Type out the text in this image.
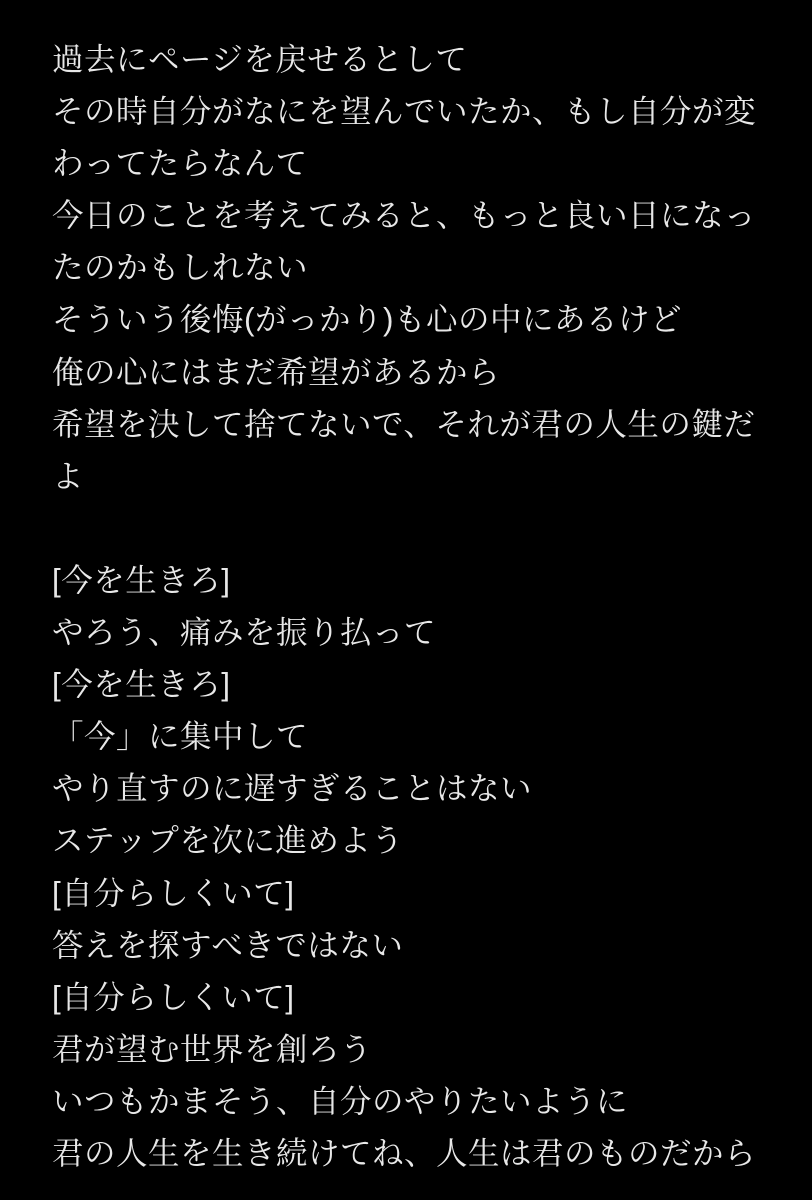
過去にページを戻せるとして
その時自分がなにを望んでいたか、もし自分が変
わってたらなんて
今日のことを考えてみると、もっと良い日になっ
たのかもしれない
そういう後悔(がっかり)も心の中にあるけど
俺の心にはまだ希望があるから
希望を決して捨てないで、それが君の人生の鍵だ
よ
[今を生きろ]
やろう、痛みを振り払って
[今を生きろ]
「今」に集中して
やり直すのに遅すぎることはない
ステップを次に進めよう
[自分らしくいて]
答えを探すべきではない
[自分らしくいて]
君が望む世界を創ろう
いつもかまそう、自分のやりたいように
君の人生を生き続けてね、人生は君のものだから
